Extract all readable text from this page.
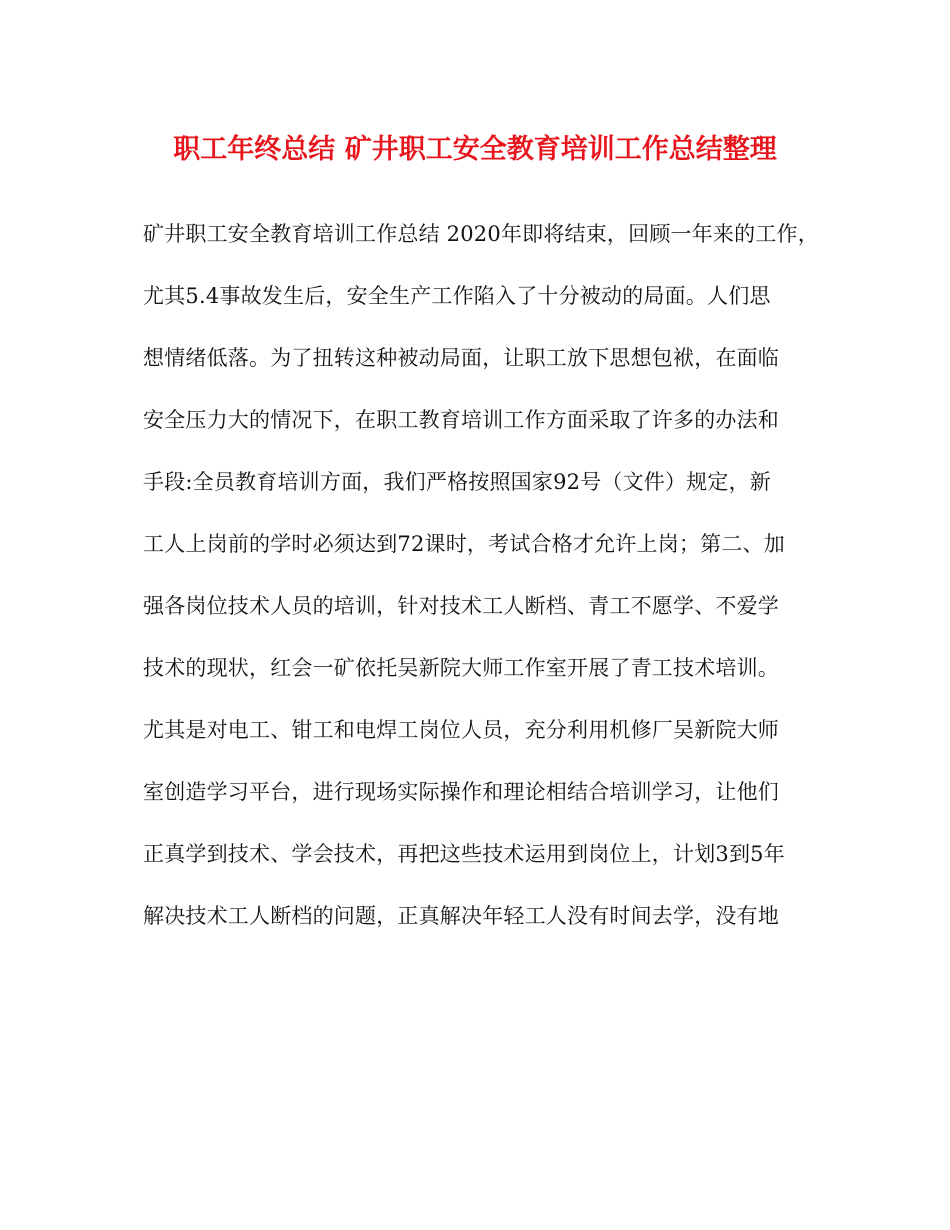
职工年终总结 矿井职工安全教育培训工作总结整理
矿井职工安全教育培训工作总结 2020年即将结束，回顾一年来的工作，
尤其5.4事故发生后，安全生产工作陷入了十分被动的局面。人们思
想情绪低落。为了扭转这种被动局面，让职工放下思想包袱，在面临
安全压力大的情况下，在职工教育培训工作方面采取了许多的办法和
手段:全员教育培训方面，我们严格按照国家92号（文件）规定，新
工人上岗前的学时必须达到72课时，考试合格才允许上岗；第二、加
强各岗位技术人员的培训，针对技术工人断档、青工不愿学、不爱学
技术的现状，红会一矿依托吴新院大师工作室开展了青工技术培训。
尤其是对电工、钳工和电焊工岗位人员，充分利用机修厂吴新院大师
室创造学习平台，进行现场实际操作和理论相结合培训学习，让他们
正真学到技术、学会技术，再把这些技术运用到岗位上，计划3到5年
解决技术工人断档的问题，正真解决年轻工人没有时间去学，没有地
